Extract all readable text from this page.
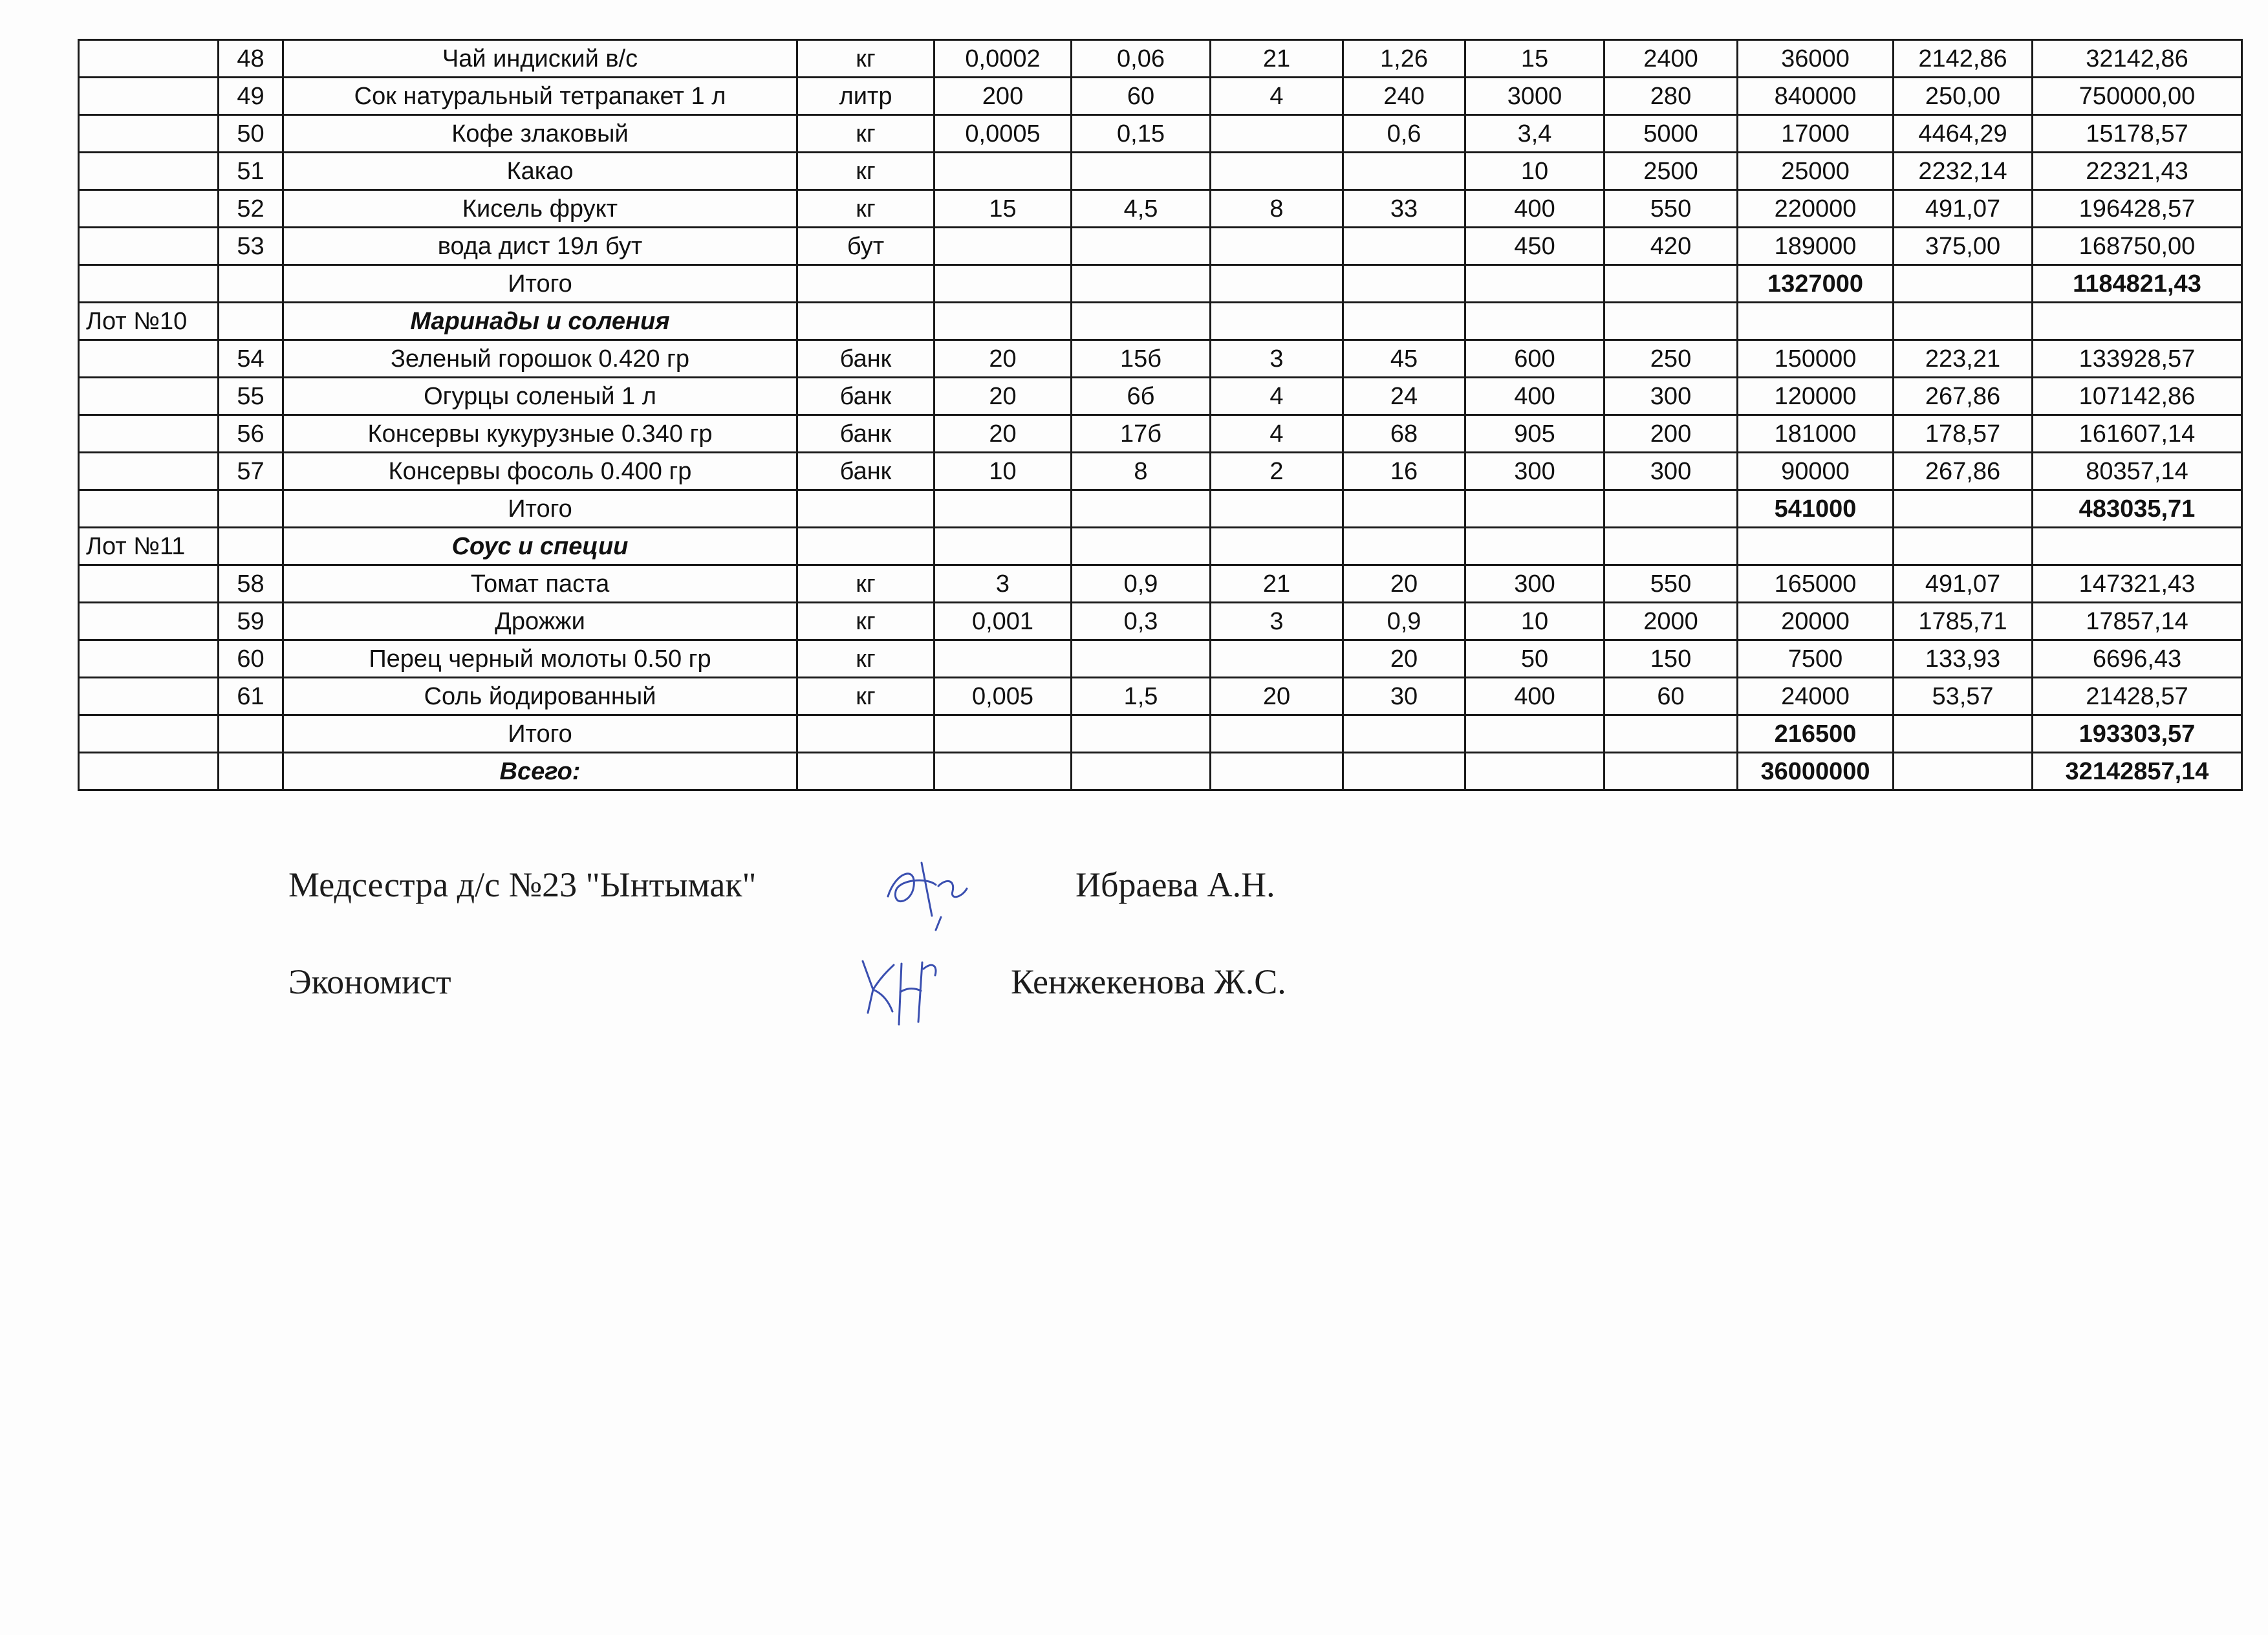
	48	Чай индиский в/с	кг	0,0002	0,06	21	1,26	15	2400	36000	2142,86	32142,86
	49	Сок натуральный тетрапакет 1 л	литр	200	60	4	240	3000	280	840000	250,00	750000,00
	50	Кофе злаковый	кг	0,0005	0,15		0,6	3,4	5000	17000	4464,29	15178,57
	51	Какао	кг					10	2500	25000	2232,14	22321,43
	52	Кисель фрукт	кг	15	4,5	8	33	400	550	220000	491,07	196428,57
	53	вода дист 19л бут	бут					450	420	189000	375,00	168750,00
		Итого								1327000		1184821,43
Лот №10		Маринады и соления										
	54	Зеленый горошок 0.420 гр	банк	20	15б	3	45	600	250	150000	223,21	133928,57
	55	Огурцы соленый 1 л	банк	20	6б	4	24	400	300	120000	267,86	107142,86
	56	Консервы кукурузные 0.340 гр	банк	20	17б	4	68	905	200	181000	178,57	161607,14
	57	Консервы фосоль 0.400 гр	банк	10	8	2	16	300	300	90000	267,86	80357,14
		Итого								541000		483035,71
Лот №11		Соус и специи										
	58	Томат паста	кг	3	0,9	21	20	300	550	165000	491,07	147321,43
	59	Дрожжи	кг	0,001	0,3	3	0,9	10	2000	20000	1785,71	17857,14
	60	Перец черный молоты 0.50 гр	кг				20	50	150	7500	133,93	6696,43
	61	Соль йодированный	кг	0,005	1,5	20	30	400	60	24000	53,57	21428,57
		Итого								216500		193303,57
		Всего:								36000000		32142857,14
Медсестра д/с №23 "Ынтымак"	Ибраева А.Н.
Экономист	Кенжекенова Ж.С.
